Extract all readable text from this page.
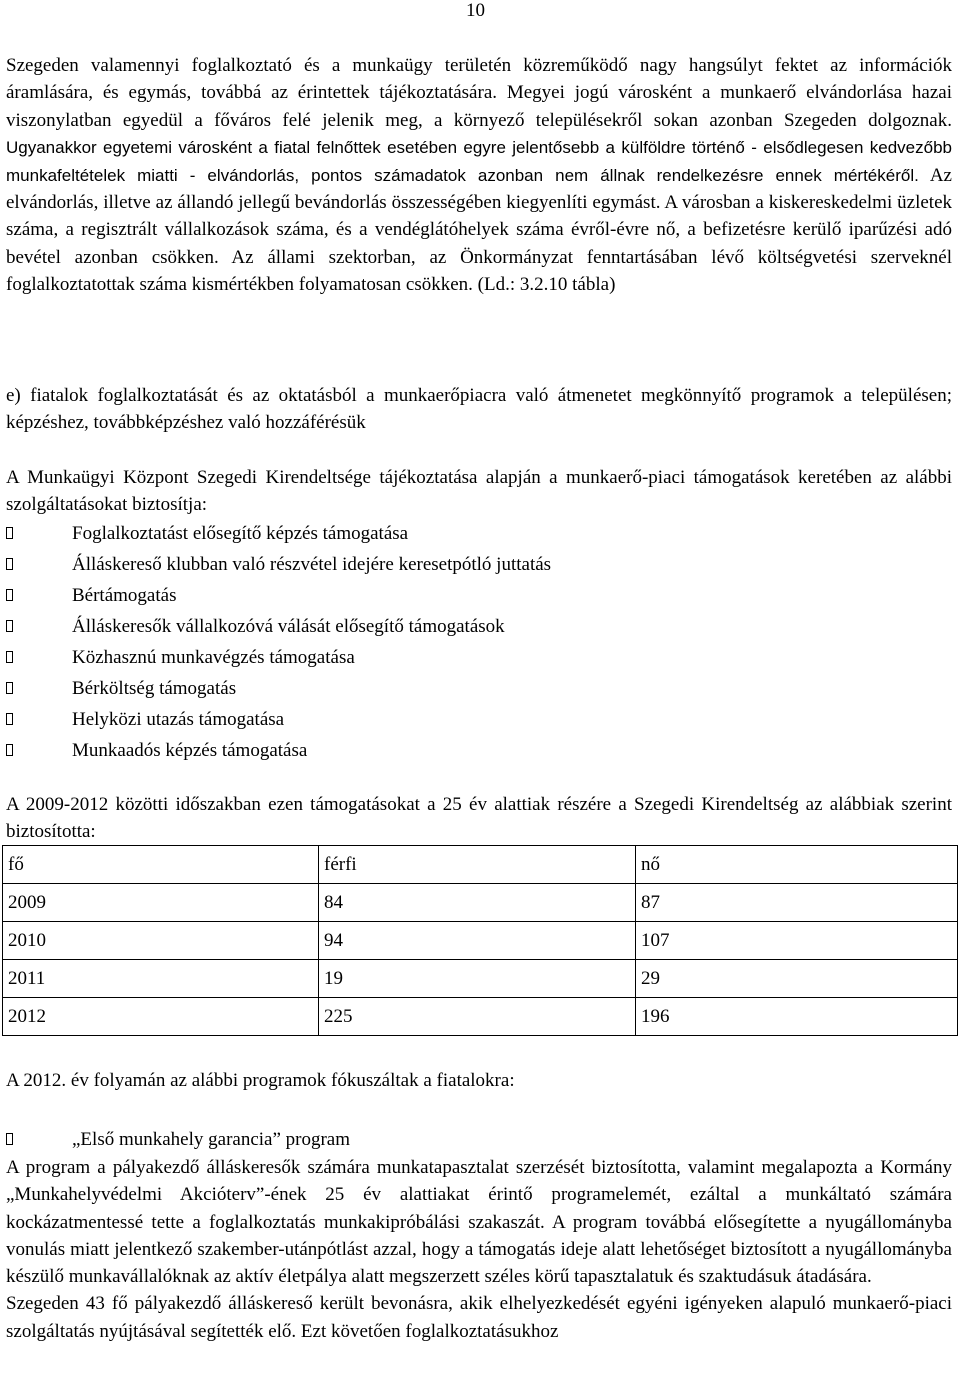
10

Szegeden valamennyi foglalkoztató és a munkaügy területén közreműködő nagy hangsúlyt fektet az információk áramlására, és egymás, továbbá az érintettek tájékoztatására. Megyei jogú városként a munkaerő elvándorlása hazai viszonylatban egyedül a főváros felé jelenik meg, a környező településekről sokan azonban Szegeden dolgoznak. Ugyanakkor egyetemi városként a fiatal felnőttek esetében egyre jelentősebb a külföldre történő - elsődlegesen kedvezőbb munkafeltételek miatti - elvándorlás, pontos számadatok azonban nem állnak rendelkezésre ennek mértékéről. Az elvándorlás, illetve az állandó jellegű bevándorlás összességében kiegyenlíti egymást. A városban a kiskereskedelmi üzletek száma, a regisztrált vállalkozások száma, és a vendéglátóhelyek száma évről-évre nő, a befizetésre kerülő iparűzési adó bevétel azonban csökken. Az állami szektorban, az Önkormányzat fenntartásában lévő költségvetési szerveknél foglalkoztatottak száma kismértékben folyamatosan csökken. (Ld.: 3.2.10 tábla)

e) fiatalok foglalkoztatását és az oktatásból a munkaerőpiacra való átmenetet megkönnyítő programok a településen; képzéshez, továbbképzéshez való hozzáférésük

A Munkaügyi Központ Szegedi Kirendeltsége tájékoztatása alapján a munkaerő-piaci támogatások keretében az alábbi szolgáltatásokat biztosítja:

Foglalkoztatást elősegítő képzés támogatása
Álláskereső klubban való részvétel idejére keresetpótló juttatás
Bértámogatás
Álláskeresők vállalkozóvá válását elősegítő támogatások
Közhasznú munkavégzés támogatása
Bérköltség támogatás
Helyközi utazás támogatása
Munkaadós képzés támogatása

A 2009-2012 közötti időszakban ezen támogatásokat a 25 év alattiak részére a Szegedi Kirendeltség az alábbiak szerint biztosította:

fő	férfi	nő
2009	84	87
2010	94	107
2011	19	29
2012	225	196

A 2012. év folyamán az alábbi programok fókuszáltak a fiatalokra:

„Első munkahely garancia” program

A program a pályakezdő álláskeresők számára munkatapasztalat szerzését biztosította, valamint megalapozta a Kormány „Munkahelyvédelmi Akcióterv”-ének 25 év alattiakat érintő programelemét, ezáltal a munkáltató számára kockázatmentessé tette a foglalkoztatás munkakipróbálási szakaszát. A program továbbá elősegítette a nyugállományba vonulás miatt jelentkező szakember-utánpótlást azzal, hogy a támogatás ideje alatt lehetőséget biztosított a nyugállományba készülő munkavállalóknak az aktív életpálya alatt megszerzett széles körű tapasztalatuk és szaktudásuk átadására.
Szegeden 43 fő pályakezdő álláskereső került bevonásra, akik elhelyezkedését egyéni igényeken alapuló munkaerő-piaci szolgáltatás nyújtásával segítették elő. Ezt követően foglalkoztatásukhoz
